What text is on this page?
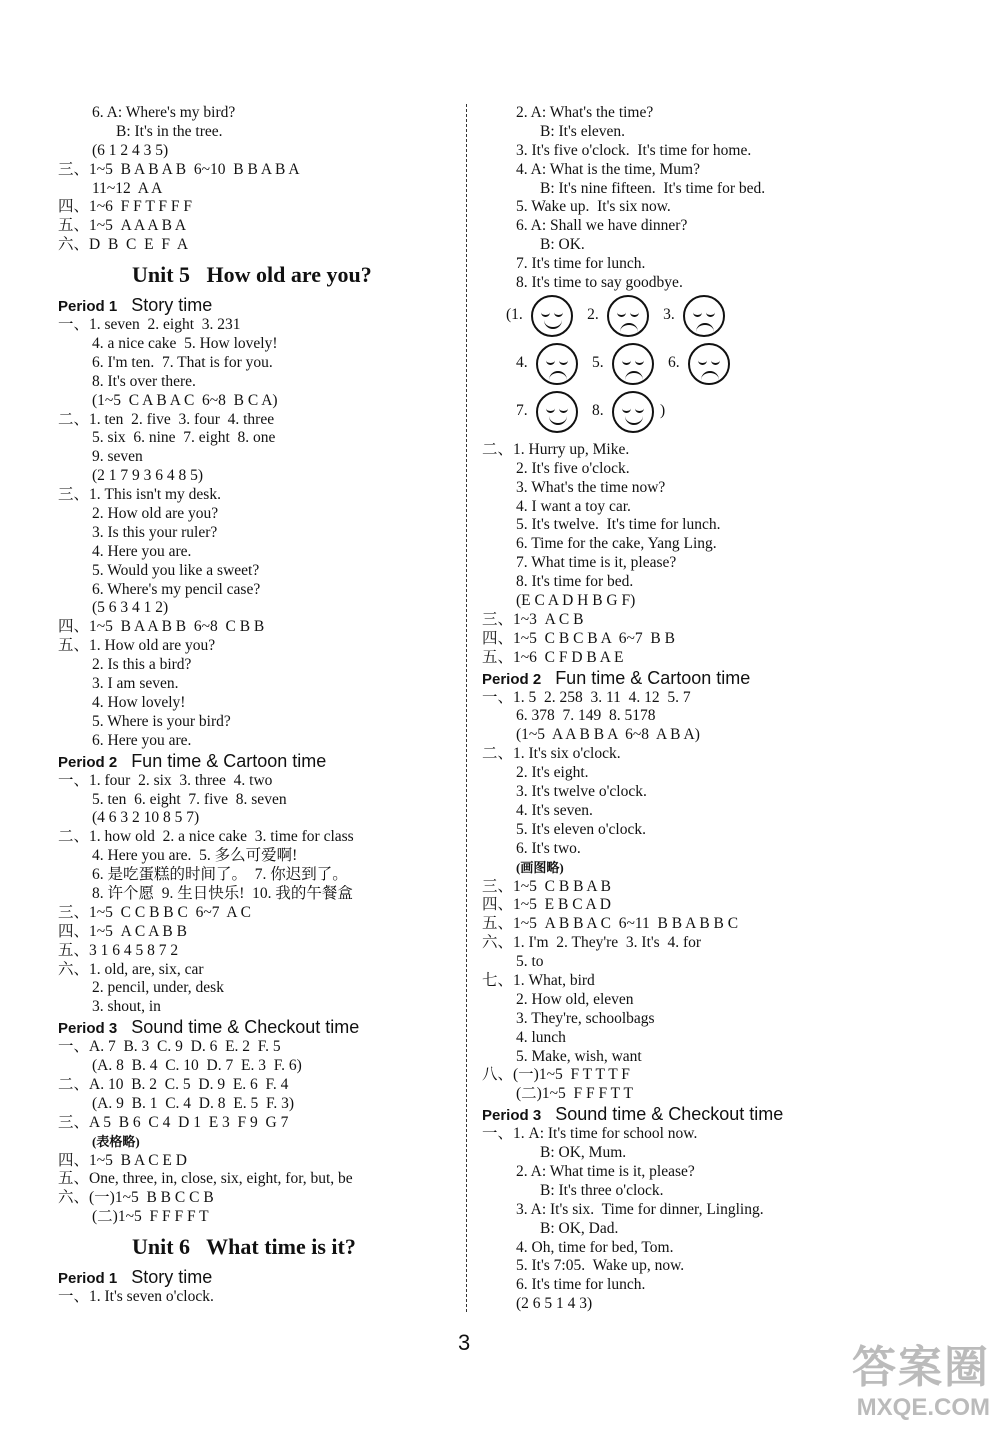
6. A: Where's my bird?
B: It's in the tree.
(6 1 2 4 3 5)
三、1~5  B A B A B  6~10  B B A B A
11~12  A A
四、1~6  F F T F F F
五、1~5  A A A B A
六、D  B  C  E  F  A
Unit 5   How old are you?
Period 1 Story time
一、1. seven  2. eight  3. 231
4. a nice cake  5. How lovely!
6. I'm ten.  7. That is for you.
8. It's over there.
(1~5  C A B A C  6~8  B C A)
二、1. ten  2. five  3. four  4. three
5. six  6. nine  7. eight  8. one
9. seven
(2 1 7 9 3 6 4 8 5)
三、1. This isn't my desk.
2. How old are you?
3. Is this your ruler?
4. Here you are.
5. Would you like a sweet?
6. Where's my pencil case?
(5 6 3 4 1 2)
四、1~5  B A A B B  6~8  C B B
五、1. How old are you?
2. Is this a bird?
3. I am seven.
4. How lovely!
5. Where is your bird?
6. Here you are.
Period 2 Fun time & Cartoon time
一、1. four  2. six  3. three  4. two
5. ten  6. eight  7. five  8. seven
(4 6 3 2 10 8 5 7)
二、1. how old  2. a nice cake  3. time for class
4. Here you are.  5. 多么可爱啊!
6. 是吃蛋糕的时间了。  7. 你迟到了。
8. 许个愿  9. 生日快乐!  10. 我的午餐盒
三、1~5  C C B B C  6~7  A C
四、1~5  A C A B B
五、3 1 6 4 5 8 7 2
六、1. old, are, six, car
2. pencil, under, desk
3. shout, in
Period 3 Sound time & Checkout time
一、A. 7  B. 3  C. 9  D. 6  E. 2  F. 5
(A. 8  B. 4  C. 10  D. 7  E. 3  F. 6)
二、A. 10  B. 2  C. 5  D. 9  E. 6  F. 4
(A. 9  B. 1  C. 4  D. 8  E. 5  F. 3)
三、A 5  B 6  C 4  D 1  E 3  F 9  G 7
(表格略)
四、1~5  B A C E D
五、One, three, in, close, six, eight, for, but, be
六、(一)1~5  B B C C B
(二)1~5  F F F F T
Unit 6   What time is it?
Period 1 Story time
一、1. It's seven o'clock.
2. A: What's the time?
B: It's eleven.
3. It's five o'clock.  It's time for home.
4. A: What is the time, Mum?
B: It's nine fifteen.  It's time for bed.
5. Wake up.  It's six now.
6. A: Shall we have dinner?
B: OK.
7. It's time for lunch.
8. It's time to say goodbye.
( 1.	2.	3.
4.	5.	6.
7.	8.	)
二、1. Hurry up, Mike.
2. It's five o'clock.
3. What's the time now?
4. I want a toy car.
5. It's twelve.  It's time for lunch.
6. Time for the cake, Yang Ling.
7. What time is it, please?
8. It's time for bed.
(E C A D H B G F)
三、1~3  A C B
四、1~5  C B C B A  6~7  B B
五、1~6  C F D B A E
Period 2 Fun time & Cartoon time
一、1. 5  2. 258  3. 11  4. 12  5. 7
6. 378  7. 149  8. 5178
(1~5  A A B B A  6~8  A B A)
二、1. It's six o'clock.
2. It's eight.
3. It's twelve o'clock.
4. It's seven.
5. It's eleven o'clock.
6. It's two.
(画图略)
三、1~5  C B B A B
四、1~5  E B C A D
五、1~5  A B B A C  6~11  B B A B B C
六、1. I'm  2. They're  3. It's  4. for
5. to
七、1. What, bird
2. How old, eleven
3. They're, schoolbags
4. lunch
5. Make, wish, want
八、(一)1~5  F T T T F
(二)1~5  F F F T T
Period 3 Sound time & Checkout time
一、1. A: It's time for school now.
B: OK, Mum.
2. A: What time is it, please?
B: It's three o'clock.
3. A: It's six.  Time for dinner, Lingling.
B: OK, Dad.
4. Oh, time for bed, Tom.
5. It's 7:05.  Wake up, now.
6. It's time for lunch.
(2 6 5 1 4 3)
3
答案圈
MXQE.COM
